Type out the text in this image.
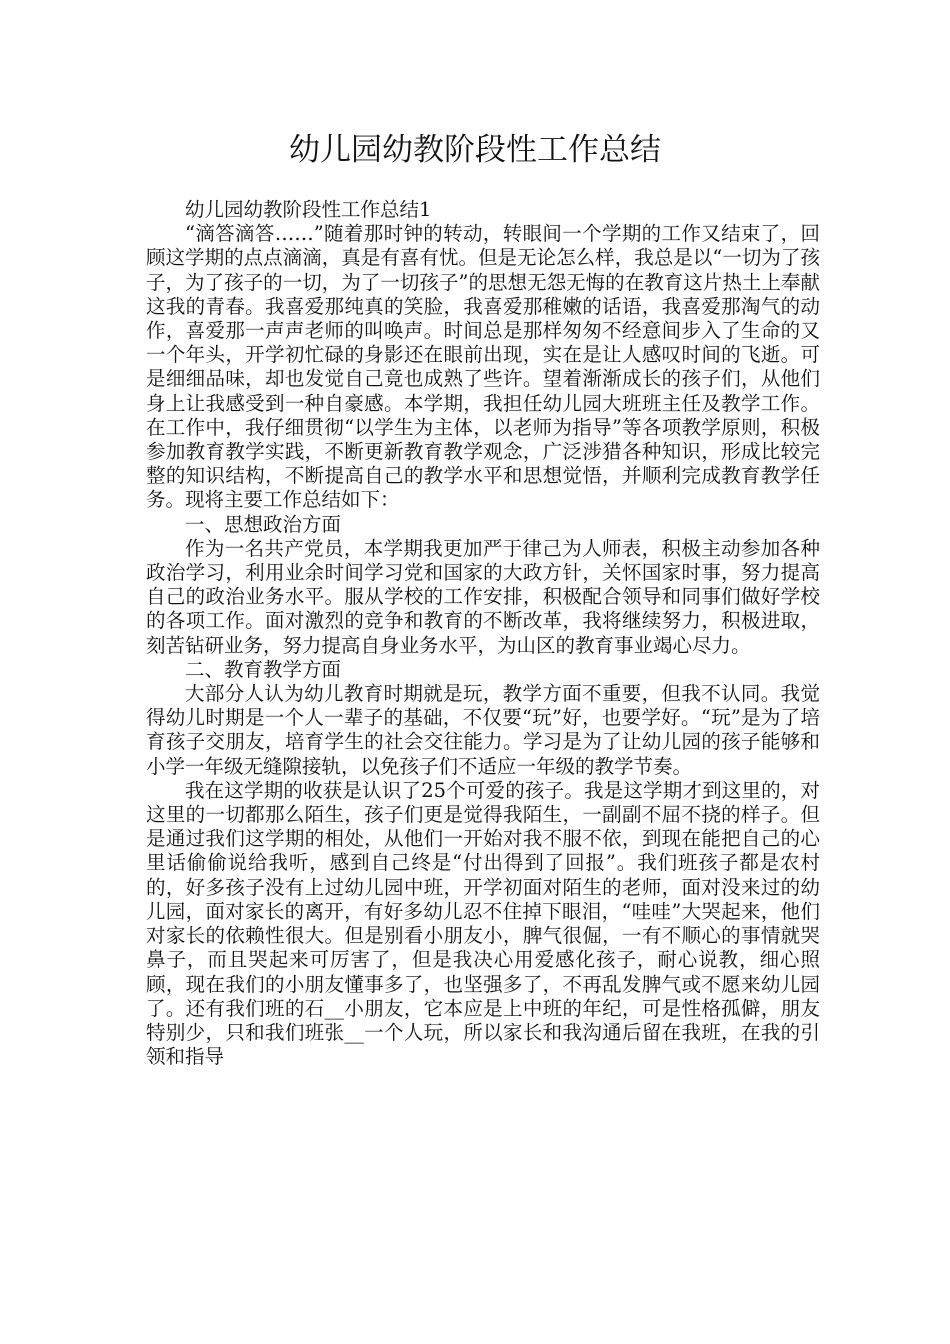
幼儿园幼教阶段性工作总结

幼儿园幼教阶段性工作总结1

“滴答滴答……”随着那时钟的转动，转眼间一个学期的工作又结束了，回顾这学期的点点滴滴，真是有喜有忧。但是无论怎么样，我总是以“一切为了孩子，为了孩子的一切，为了一切孩子”的思想无怨无悔的在教育这片热土上奉献这我的青春。我喜爱那纯真的笑脸，我喜爱那稚嫩的话语，我喜爱那淘气的动作，喜爱那一声声老师的叫唤声。时间总是那样匆匆不经意间步入了生命的又一个年头，开学初忙碌的身影还在眼前出现，实在是让人感叹时间的飞逝。可是细细品味，却也发觉自己竟也成熟了些许。望着渐渐成长的孩子们，从他们身上让我感受到一种自豪感。本学期，我担任幼儿园大班班主任及教学工作。在工作中，我仔细贯彻“以学生为主体，以老师为指导”等各项教学原则，积极参加教育教学实践，不断更新教育教学观念，广泛涉猎各种知识，形成比较完整的知识结构，不断提高自己的教学水平和思想觉悟，并顺利完成教育教学任务。现将主要工作总结如下：

一、思想政治方面

作为一名共产党员，本学期我更加严于律己为人师表，积极主动参加各种政治学习，利用业余时间学习党和国家的大政方针，关怀国家时事，努力提高自己的政治业务水平。服从学校的工作安排，积极配合领导和同事们做好学校的各项工作。面对激烈的竞争和教育的不断改革，我将继续努力，积极进取，刻苦钻研业务，努力提高自身业务水平，为山区的教育事业竭心尽力。

二、教育教学方面

大部分人认为幼儿教育时期就是玩，教学方面不重要，但我不认同。我觉得幼儿时期是一个人一辈子的基础，不仅要“玩”好，也要学好。“玩”是为了培育孩子交朋友，培育学生的社会交往能力。学习是为了让幼儿园的孩子能够和小学一年级无缝隙接轨，以免孩子们不适应一年级的教学节奏。

我在这学期的收获是认识了25个可爱的孩子。我是这学期才到这里的，对这里的一切都那么陌生，孩子们更是觉得我陌生，一副副不屈不挠的样子。但是通过我们这学期的相处，从他们一开始对我不服不依，到现在能把自己的心里话偷偷说给我听，感到自己终是“付出得到了回报”。我们班孩子都是农村的，好多孩子没有上过幼儿园中班，开学初面对陌生的老师，面对没来过的幼儿园，面对家长的离开，有好多幼儿忍不住掉下眼泪，“哇哇”大哭起来，他们对家长的依赖性很大。但是别看小朋友小，脾气很倔，一有不顺心的事情就哭鼻子，而且哭起来可厉害了，但是我决心用爱感化孩子，耐心说教，细心照顾，现在我们的小朋友懂事多了，也坚强多了，不再乱发脾气或不愿来幼儿园了。还有我们班的石__小朋友，它本应是上中班的年纪，可是性格孤僻，朋友特别少，只和我们班张__一个人玩，所以家长和我沟通后留在我班，在我的引领和指导
